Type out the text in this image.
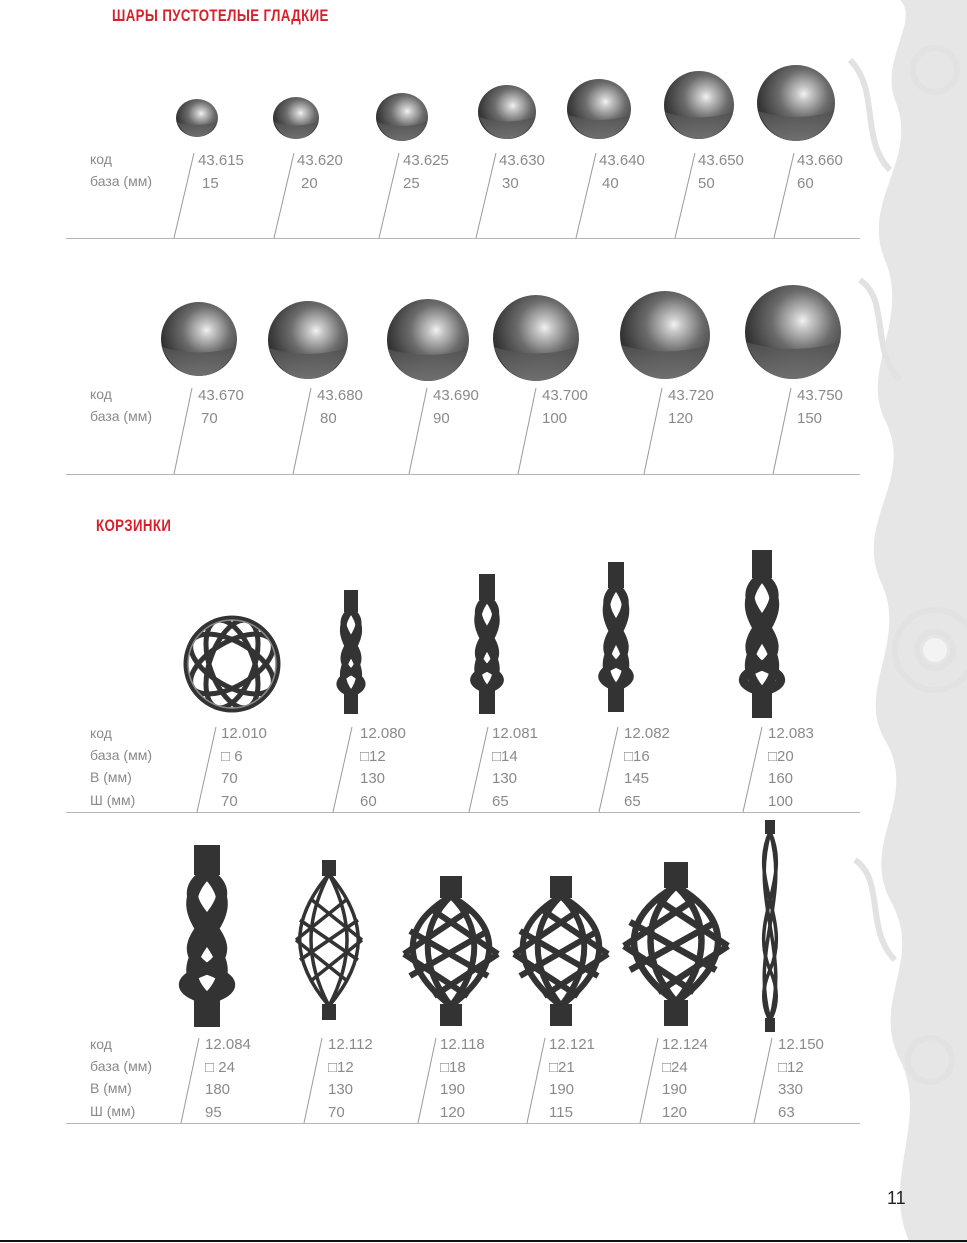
ШАРЫ ПУСТОТЕЛЫЕ ГЛАДКИЕ
код
база (мм)
43.615
15
43.620
20
43.625
25
43.630
30
43.640
40
43.650
50
43.660
60
код
база (мм)
43.670
70
43.680
80
43.690
90
43.700
100
43.720
120
43.750
150
КОРЗИНКИ
код
база (мм)
В (мм)
Ш (мм)
12.010
□ 6
70
70
12.080
□12
130
60
12.081
□14
130
65
12.082
□16
145
65
12.083
□20
160
100
код
база (мм)
В (мм)
Ш (мм)
12.084
□ 24
180
95
12.112
□12
130
70
12.118
□18
190
120
12.121
□21
190
115
12.124
□24
190
120
12.150
□12
330
63
11
